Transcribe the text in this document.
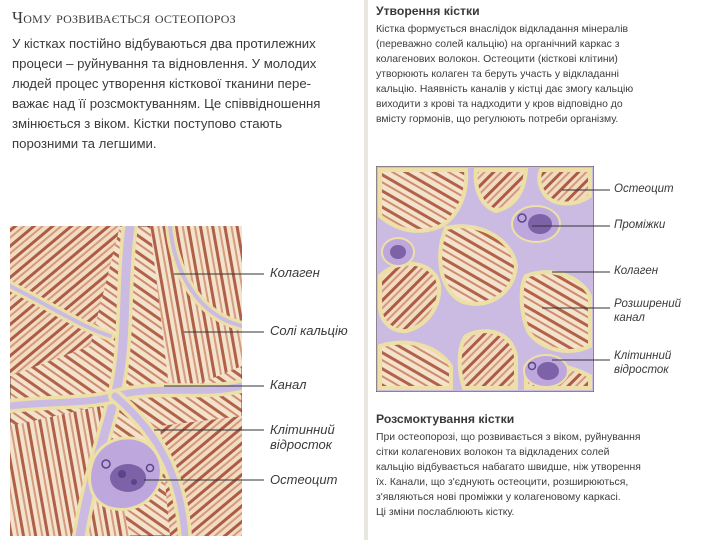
Чому розвивається остеопороз
У кістках постійно відбуваються два протилежних
процеси – руйнування та відновлення. У молодих
людей процес утворення кісткової тканини пере-
важає над її розсмоктуванням. Це співвідношення
змінюється з віком. Кістки поступово стають
порозними та легшими.
Колаген
Солі кальцію
Канал
Клітинний
відросток
Остеоцит
Утворення кістки
Кістка формується внаслідок відкладання мінералів
(переважно солей кальцію) на органічний каркас з
колагенових волокон. Остеоцити (кісткові клітини)
утворюють колаген та беруть участь у відкладанні
кальцію. Наявність каналів у кістці дає змогу кальцію
виходити з крові та надходити у кров відповідно до
вмісту гормонів, що регулюють потреби організму.
Остеоцит
Проміжки
Колаген
Розширений
канал
Клітинний
відросток
Розсмоктування кістки
При остеопорозі, що розвивається з віком, руйнування
сітки колагенових волокон та відкладених солей
кальцію відбувається набагато швидше, ніж утворення
їх. Канали, що з'єднують остеоцити, розширюються,
з'являються нові проміжки у колагеновому каркасі.
Ці зміни послаблюють кістку.
